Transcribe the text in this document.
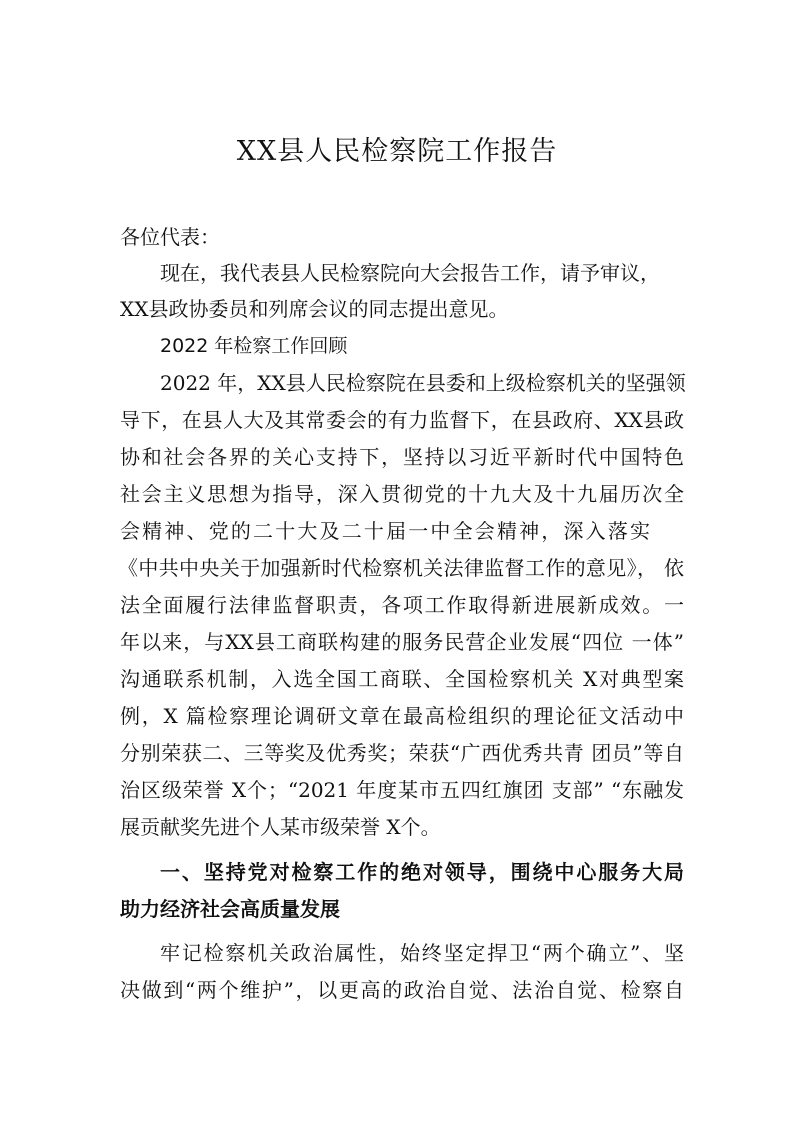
XX县人民检察院工作报告
各位代表：
现在，我代表县人民检察院向大会报告工作，请予审议，
XX县政协委员和列席会议的同志提出意见。
2022 年检察工作回顾
2022 年，XX县人民检察院在县委和上级检察机关的坚强领
导下，在县人大及其常委会的有力监督下，在县政府、XX县政
协和社会各界的关心支持下，坚持以习近平新时代中国特色
社会主义思想为指导，深入贯彻党的十九大及十九届历次全
会精神、党的二十大及二十届一中全会精神，深入落实
《中共中央关于加强新时代检察机关法律监督工作的意见》， 依
法全面履行法律监督职责，各项工作取得新进展新成效。一
年以来，与XX县工商联构建的服务民营企业发展“四位 一体”
沟通联系机制，入选全国工商联、全国检察机关 X对典型案
例，X 篇检察理论调研文章在最高检组织的理论征文活动中
分别荣获二、三等奖及优秀奖；荣获“广西优秀共青 团员”等自
治区级荣誉 X个；“2021 年度某市五四红旗团 支部” “东融发
展贡献奖先进个人某市级荣誉 X个。
一、坚持党对检察工作的绝对领导，围绕中心服务大局
助力经济社会高质量发展
牢记检察机关政治属性，始终坚定捍卫“两个确立”、坚
决做到“两个维护”，以更高的政治自觉、法治自觉、检察自
